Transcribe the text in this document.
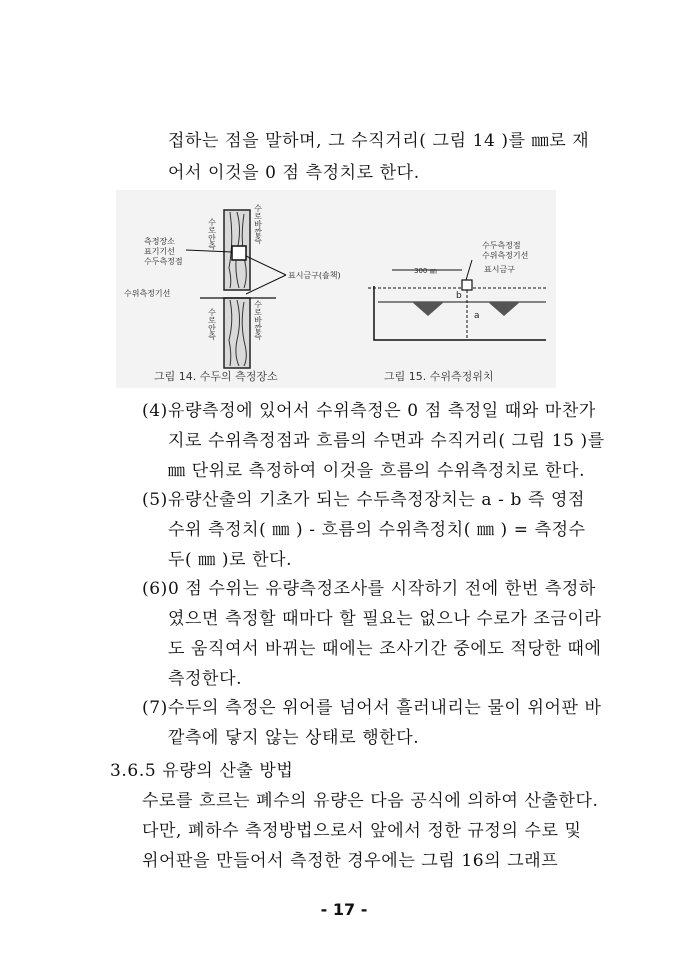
접하는 점을 말하며, 그 수직거리( 그림 14 )를 ㎜로 재
어서 이것을 0 점 측정치로 한다.
수로안측	수로바깥측
수로안측	수로바깥측
측정장소
표기기선
수두측정점
표시금구(숄책)
수위측정기선
300 ㎜
b
a
수두측정점
수위측정기선
표시금구
그림 14. 수두의 측정장소	그림 15. 수위측정위치
(4) 유량측정에 있어서 수위측정은 0 점 측정일 때와 마찬가
지로 수위측정점과 흐름의 수면과 수직거리( 그림 15 )를
㎜ 단위로 측정하여 이것을 흐름의 수위측정치로 한다.
(5) 유량산출의 기초가 되는 수두측정장치는 a - b 즉 영점
수위 측정치( ㎜ ) - 흐름의 수위측정치( ㎜ ) = 측정수
두( ㎜ )로 한다.
(6) 0 점 수위는 유량측정조사를 시작하기 전에 한번 측정하
였으면 측정할 때마다 할 필요는 없으나 수로가 조금이라
도 움직여서 바뀌는 때에는 조사기간 중에도 적당한 때에
측정한다.
(7) 수두의 측정은 위어를 넘어서 흘러내리는 물이 위어판 바
깥측에 닿지 않는 상태로 행한다.
3.6.5 유량의 산출 방법
수로를 흐르는 폐수의 유량은 다음 공식에 의하여 산출한다.
다만, 폐하수 측정방법으로서 앞에서 정한 규정의 수로 및
위어판을 만들어서 측정한 경우에는 그림 16의 그래프
- 17 -
